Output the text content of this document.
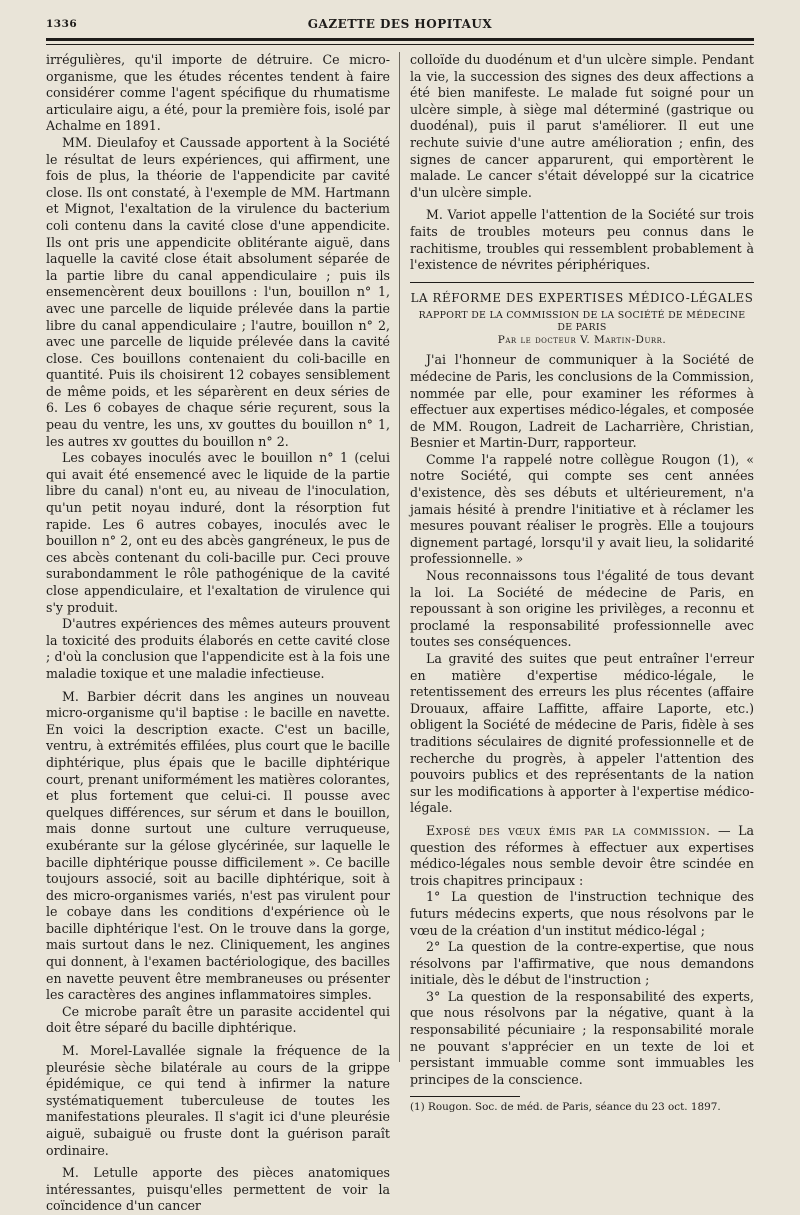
1336	GAZETTE DES HOPITAUX

irrégulières, qu'il importe de détruire. Ce micro-organisme, que les études récentes tendent à faire considérer comme l'agent spécifique du rhumatisme articulaire aigu, a été, pour la première fois, isolé par Achalme en 1891.

MM. Dieulafoy et Caussade apportent à la Société le résultat de leurs expériences, qui affirment, une fois de plus, la théorie de l'appendicite par cavité close. Ils ont constaté, à l'exemple de MM. Hartmann et Mignot, l'exaltation de la virulence du bacterium coli contenu dans la cavité close d'une appendicite. Ils ont pris une appendicite oblitérante aiguë, dans laquelle la cavité close était absolument séparée de la partie libre du canal appendiculaire ; puis ils ensemencèrent deux bouillons : l'un, bouillon n° 1, avec une parcelle de liquide prélevée dans la partie libre du canal appendiculaire ; l'autre, bouillon n° 2, avec une parcelle de liquide prélevée dans la cavité close. Ces bouillons contenaient du coli-bacille en quantité. Puis ils choisirent 12 cobayes sensiblement de même poids, et les séparèrent en deux séries de 6. Les 6 cobayes de chaque série reçurent, sous la peau du ventre, les uns, xv gouttes du bouillon n° 1, les autres xv gouttes du bouillon n° 2.

Les cobayes inoculés avec le bouillon n° 1 (celui qui avait été ensemencé avec le liquide de la partie libre du canal) n'ont eu, au niveau de l'inoculation, qu'un petit noyau induré, dont la résorption fut rapide. Les 6 autres cobayes, inoculés avec le bouillon n° 2, ont eu des abcès gangréneux, le pus de ces abcès contenant du coli-bacille pur. Ceci prouve surabondamment le rôle pathogénique de la cavité close appendiculaire, et l'exaltation de virulence qui s'y produit.

D'autres expériences des mêmes auteurs prouvent la toxicité des produits élaborés en cette cavité close ; d'où la conclusion que l'appendicite est à la fois une maladie toxique et une maladie infectieuse.

M. Barbier décrit dans les angines un nouveau micro-organisme qu'il baptise : le bacille en navette. En voici la description exacte. C'est un bacille, ventru, à extrémités effilées, plus court que le bacille diphtérique, plus épais que le bacille diphtérique court, prenant uniformément les matières colorantes, et plus fortement que celui-ci. Il pousse avec quelques différences, sur sérum et dans le bouillon, mais donne surtout une culture verruqueuse, exubérante sur la gélose glycérinée, sur laquelle le bacille diphtérique pousse difficilement ». Ce bacille toujours associé, soit au bacille diphtérique, soit à des micro-organismes variés, n'est pas virulent pour le cobaye dans les conditions d'expérience où le bacille diphtérique l'est. On le trouve dans la gorge, mais surtout dans le nez. Cliniquement, les angines qui donnent, à l'examen bactériologique, des bacilles en navette peuvent être membraneuses ou présenter les caractères des angines inflammatoires simples.

Ce microbe paraît être un parasite accidentel qui doit être séparé du bacille diphtérique.

M. Morel-Lavallée signale la fréquence de la pleurésie sèche bilatérale au cours de la grippe épidémique, ce qui tend à infirmer la nature systématiquement tuberculeuse de toutes les manifestations pleurales. Il s'agit ici d'une pleurésie aiguë, subaiguë ou fruste dont la guérison paraît ordinaire.

M. Letulle apporte des pièces anatomiques intéressantes, puisqu'elles permettent de voir la coïncidence d'un cancer

colloïde du duodénum et d'un ulcère simple. Pendant la vie, la succession des signes des deux affections a été bien manifeste. Le malade fut soigné pour un ulcère simple, à siège mal déterminé (gastrique ou duodénal), puis il parut s'améliorer. Il eut une rechute suivie d'une autre amélioration ; enfin, des signes de cancer apparurent, qui emportèrent le malade. Le cancer s'était développé sur la cicatrice d'un ulcère simple.

M. Variot appelle l'attention de la Société sur trois faits de troubles moteurs peu connus dans le rachitisme, troubles qui ressemblent probablement à l'existence de névrites périphériques.

LA RÉFORME DES EXPERTISES MÉDICO-LÉGALES
RAPPORT DE LA COMMISSION DE LA SOCIÉTÉ DE MÉDECINE DE PARIS
Par le docteur V. Martin-Durr.

J'ai l'honneur de communiquer à la Société de médecine de Paris, les conclusions de la Commission, nommée par elle, pour examiner les réformes à effectuer aux expertises médico-légales, et composée de MM. Rougon, Ladreit de Lacharrière, Christian, Besnier et Martin-Durr, rapporteur.

Comme l'a rappelé notre collègue Rougon (1), « notre Société, qui compte ses cent années d'existence, dès ses débuts et ultérieurement, n'a jamais hésité à prendre l'initiative et à réclamer les mesures pouvant réaliser le progrès. Elle a toujours dignement partagé, lorsqu'il y avait lieu, la solidarité professionnelle. »

Nous reconnaissons tous l'égalité de tous devant la loi. La Société de médecine de Paris, en repoussant à son origine les privilèges, a reconnu et proclamé la responsabilité professionnelle avec toutes ses conséquences.

La gravité des suites que peut entraîner l'erreur en matière d'expertise médico-légale, le retentissement des erreurs les plus récentes (affaire Drouaux, affaire Laffitte, affaire Laporte, etc.) obligent la Société de médecine de Paris, fidèle à ses traditions séculaires de dignité professionnelle et de recherche du progrès, à appeler l'attention des pouvoirs publics et des représentants de la nation sur les modifications à apporter à l'expertise médico-légale.

Exposé des vœux émis par la commission. — La question des réformes à effectuer aux expertises médico-légales nous semble devoir être scindée en trois chapitres principaux :

1° La question de l'instruction technique des futurs médecins experts, que nous résolvons par le vœu de la création d'un institut médico-légal ;

2° La question de la contre-expertise, que nous résolvons par l'affirmative, que nous demandons initiale, dès le début de l'instruction ;

3° La question de la responsabilité des experts, que nous résolvons par la négative, quant à la responsabilité pécuniaire ; la responsabilité morale ne pouvant s'apprécier en un texte de loi et persistant immuable comme sont immuables les principes de la conscience.

(1) Rougon. Soc. de méd. de Paris, séance du 23 oct. 1897.
